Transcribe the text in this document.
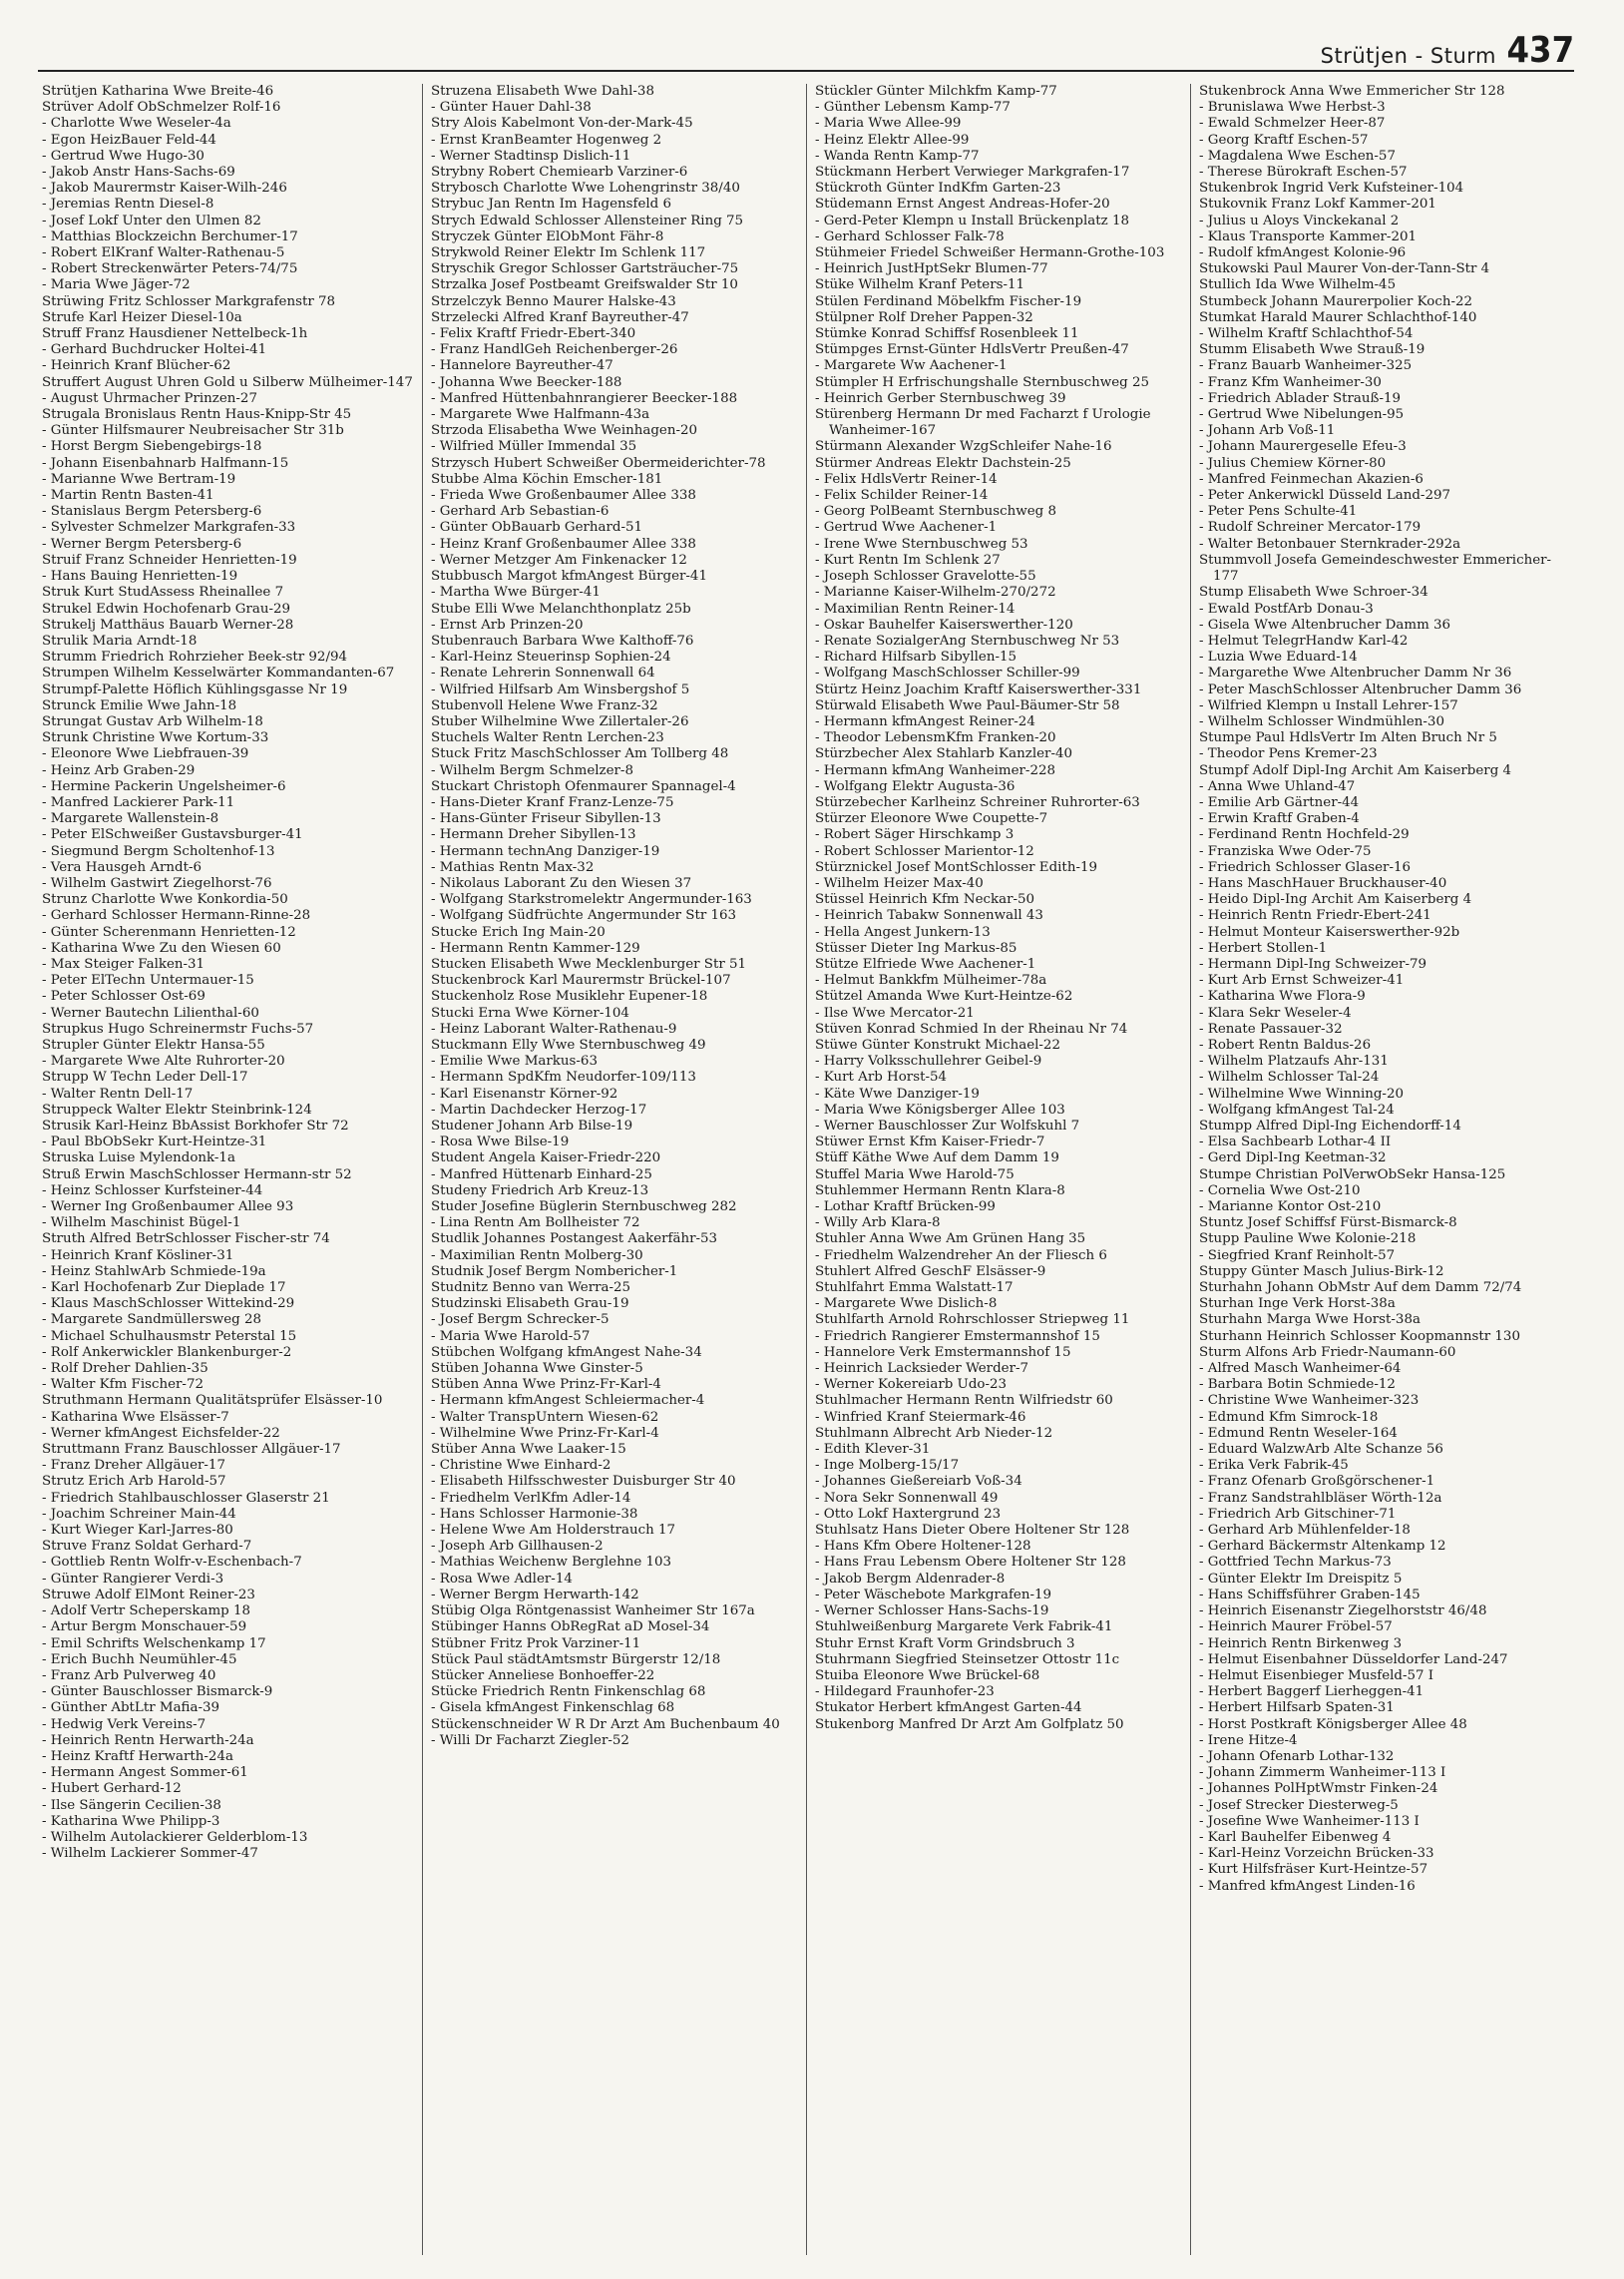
Strütjen - Sturm 437

Strütjen Katharina Wwe Breite-46

Strüver Adolf ObSchmelzer Rolf-16

- Charlotte Wwe Weseler-4a

- Egon HeizBauer Feld-44

- Gertrud Wwe Hugo-30

- Jakob Anstr Hans-Sachs-69

- Jakob Maurermstr Kaiser-Wilh-246

- Jeremias Rentn Diesel-8

- Josef Lokf Unter den Ulmen 82

- Matthias Blockzeichn Berchumer-17

- Robert ElKranf Walter-Rathenau-5

- Robert Streckenwärter Peters-74/75

- Maria Wwe Jäger-72

Strüwing Fritz Schlosser Markgrafenstr 78

Strufe Karl Heizer Diesel-10a

Struff Franz Hausdiener Nettelbeck-1h

- Gerhard Buchdrucker Holtei-41

- Heinrich Kranf Blücher-62

Struffert August Uhren Gold u Silberw Mülheimer-147

- August Uhrmacher Prinzen-27

Strugala Bronislaus Rentn Haus-Knipp-Str 45

- Günter Hilfsmaurer Neubreisacher Str 31b

- Horst Bergm Siebengebirgs-18

- Johann Eisenbahnarb Halfmann-15

- Marianne Wwe Bertram-19

- Martin Rentn Basten-41

- Stanislaus Bergm Petersberg-6

- Sylvester Schmelzer Markgrafen-33

- Werner Bergm Petersberg-6

Struif Franz Schneider Henrietten-19

- Hans Bauing Henrietten-19

Struk Kurt StudAssess Rheinallee 7

Strukel Edwin Hochofenarb Grau-29

Strukelj Matthäus Bauarb Werner-28

Strulik Maria Arndt-18

Strumm Friedrich Rohrzieher Beek-str 92/94

Strumpen Wilhelm Kesselwärter Kommandanten-67

Strumpf-Palette Höflich Kühlingsgasse Nr 19

Strunck Emilie Wwe Jahn-18

Strungat Gustav Arb Wilhelm-18

Strunk Christine Wwe Kortum-33

- Eleonore Wwe Liebfrauen-39

- Heinz Arb Graben-29

- Hermine Packerin Ungelsheimer-6

- Manfred Lackierer Park-11

- Margarete Wallenstein-8

- Peter ElSchweißer Gustavsburger-41

- Siegmund Bergm Scholtenhof-13

- Vera Hausgeh Arndt-6

- Wilhelm Gastwirt Ziegelhorst-76

Strunz Charlotte Wwe Konkordia-50

- Gerhard Schlosser Hermann-Rinne-28

- Günter Scherenmann Henrietten-12

- Katharina Wwe Zu den Wiesen 60

- Max Steiger Falken-31

- Peter ElTechn Untermauer-15

- Peter Schlosser Ost-69

- Werner Bautechn Lilienthal-60

Strupkus Hugo Schreinermstr Fuchs-57

Strupler Günter Elektr Hansa-55

- Margarete Wwe Alte Ruhrorter-20

Strupp W Techn Leder Dell-17

- Walter Rentn Dell-17

Struppeck Walter Elektr Steinbrink-124

Strusik Karl-Heinz BbAssist Borkhofer Str 72

- Paul BbObSekr Kurt-Heintze-31

Struska Luise Mylendonk-1a

Struß Erwin MaschSchlosser Hermann-str 52

- Heinz Schlosser Kurfsteiner-44

- Werner Ing Großenbaumer Allee 93

- Wilhelm Maschinist Bügel-1

Struth Alfred BetrSchlosser Fischer-str 74

- Heinrich Kranf Kösliner-31

- Heinz StahlwArb Schmiede-19a

- Karl Hochofenarb Zur Dieplade 17

- Klaus MaschSchlosser Wittekind-29

- Margarete Sandmüllersweg 28

- Michael Schulhausmstr Peterstal 15

- Rolf Ankerwickler Blankenburger-2

- Rolf Dreher Dahlien-35

- Walter Kfm Fischer-72

Struthmann Hermann Qualitätsprüfer Elsässer-10

- Katharina Wwe Elsässer-7

- Werner kfmAngest Eichsfelder-22

Struttmann Franz Bauschlosser Allgäuer-17

- Franz Dreher Allgäuer-17

Strutz Erich Arb Harold-57

- Friedrich Stahlbauschlosser Glaserstr 21

- Joachim Schreiner Main-44

- Kurt Wieger Karl-Jarres-80

Struve Franz Soldat Gerhard-7

- Gottlieb Rentn Wolfr-v-Eschenbach-7

- Günter Rangierer Verdi-3

Struwe Adolf ElMont Reiner-23

- Adolf Vertr Scheperskamp 18

- Artur Bergm Monschauer-59

- Emil Schrifts Welschenkamp 17

- Erich Buchh Neumühler-45

- Franz Arb Pulverweg 40

- Günter Bauschlosser Bismarck-9

- Günther AbtLtr Mafia-39

- Hedwig Verk Vereins-7

- Heinrich Rentn Herwarth-24a

- Heinz Kraftf Herwarth-24a

- Hermann Angest Sommer-61

- Hubert Gerhard-12

- Ilse Sängerin Cecilien-38

- Katharina Wwe Philipp-3

- Wilhelm Autolackierer Gelderblom-13

- Wilhelm Lackierer Sommer-47

Struzena Elisabeth Wwe Dahl-38

- Günter Hauer Dahl-38

Stry Alois Kabelmont Von-der-Mark-45

- Ernst KranBeamter Hogenweg 2

- Werner Stadtinsp Dislich-11

Strybny Robert Chemiearb Varziner-6

Strybosch Charlotte Wwe Lohengrinstr 38/40

Strybuc Jan Rentn Im Hagensfeld 6

Strych Edwald Schlosser Allensteiner Ring 75

Stryczek Günter ElObMont Fähr-8

Strykwold Reiner Elektr Im Schlenk 117

Stryschik Gregor Schlosser Gartsträucher-75

Strzalka Josef Postbeamt Greifswalder Str 10

Strzelczyk Benno Maurer Halske-43

Strzelecki Alfred Kranf Bayreuther-47

- Felix Kraftf Friedr-Ebert-340

- Franz HandlGeh Reichenberger-26

- Hannelore Bayreuther-47

- Johanna Wwe Beecker-188

- Manfred Hüttenbahnrangierer Beecker-188

- Margarete Wwe Halfmann-43a

Strzoda Elisabetha Wwe Weinhagen-20

- Wilfried Müller Immendal 35

Strzysch Hubert Schweißer Obermeiderichter-78

Stubbe Alma Köchin Emscher-181

- Frieda Wwe Großenbaumer Allee 338

- Gerhard Arb Sebastian-6

- Günter ObBauarb Gerhard-51

- Heinz Kranf Großenbaumer Allee 338

- Werner Metzger Am Finkenacker 12

Stubbusch Margot kfmAngest Bürger-41

- Martha Wwe Bürger-41

Stube Elli Wwe Melanchthonplatz 25b

- Ernst Arb Prinzen-20

Stubenrauch Barbara Wwe Kalthoff-76

- Karl-Heinz Steuerinsp Sophien-24

- Renate Lehrerin Sonnenwall 64

- Wilfried Hilfsarb Am Winsbergshof 5

Stubenvoll Helene Wwe Franz-32

Stuber Wilhelmine Wwe Zillertaler-26

Stuchels Walter Rentn Lerchen-23

Stuck Fritz MaschSchlosser Am Tollberg 48

- Wilhelm Bergm Schmelzer-8

Stuckart Christoph Ofenmaurer Spannagel-4

- Hans-Dieter Kranf Franz-Lenze-75

- Hans-Günter Friseur Sibyllen-13

- Hermann Dreher Sibyllen-13

- Hermann technAng Danziger-19

- Mathias Rentn Max-32

- Nikolaus Laborant Zu den Wiesen 37

- Wolfgang Starkstromelektr Angermunder-163

- Wolfgang Südfrüchte Angermunder Str 163

Stucke Erich Ing Main-20

- Hermann Rentn Kammer-129

Stucken Elisabeth Wwe Mecklenburger Str 51

Stuckenbrock Karl Maurermstr Brückel-107

Stuckenholz Rose Musiklehr Eupener-18

Stucki Erna Wwe Körner-104

- Heinz Laborant Walter-Rathenau-9

Stuckmann Elly Wwe Sternbuschweg 49

- Emilie Wwe Markus-63

- Hermann SpdKfm Neudorfer-109/113

- Karl Eisenanstr Körner-92

- Martin Dachdecker Herzog-17

Studener Johann Arb Bilse-19

- Rosa Wwe Bilse-19

Student Angela Kaiser-Friedr-220

- Manfred Hüttenarb Einhard-25

Studeny Friedrich Arb Kreuz-13

Studer Josefine Büglerin Sternbuschweg 282

- Lina Rentn Am Bollheister 72

Studlik Johannes Postangest Aakerfähr-53

- Maximilian Rentn Molberg-30

Studnik Josef Bergm Nombericher-1

Studnitz Benno van Werra-25

Studzinski Elisabeth Grau-19

- Josef Bergm Schrecker-5

- Maria Wwe Harold-57

Stübchen Wolfgang kfmAngest Nahe-34

Stüben Johanna Wwe Ginster-5

Stüben Anna Wwe Prinz-Fr-Karl-4

- Hermann kfmAngest Schleiermacher-4

- Walter TranspUntern Wiesen-62

- Wilhelmine Wwe Prinz-Fr-Karl-4

Stüber Anna Wwe Laaker-15

- Christine Wwe Einhard-2

- Elisabeth Hilfsschwester Duisburger Str 40

- Friedhelm VerlKfm Adler-14

- Hans Schlosser Harmonie-38

- Helene Wwe Am Holderstrauch 17

- Joseph Arb Gillhausen-2

- Mathias Weichenw Berglehne 103

- Rosa Wwe Adler-14

- Werner Bergm Herwarth-142

Stübig Olga Röntgenassist Wanheimer Str 167a

Stübinger Hanns ObRegRat aD Mosel-34

Stübner Fritz Prok Varziner-11

Stück Paul städtAmtsmstr Bürgerstr 12/18

Stücker Anneliese Bonhoeffer-22

Stücke Friedrich Rentn Finkenschlag 68

- Gisela kfmAngest Finkenschlag 68

Stückenschneider W R Dr Arzt Am Buchenbaum 40

- Willi Dr Facharzt Ziegler-52

Stückler Günter Milchkfm Kamp-77

- Günther Lebensm Kamp-77

- Maria Wwe Allee-99

- Heinz Elektr Allee-99

- Wanda Rentn Kamp-77

Stückmann Herbert Verwieger Markgrafen-17

Stückroth Günter IndKfm Garten-23

Stüdemann Ernst Angest Andreas-Hofer-20

- Gerd-Peter Klempn u Install Brückenplatz 18

- Gerhard Schlosser Falk-78

Stühmeier Friedel Schweißer Hermann-Grothe-103

- Heinrich JustHptSekr Blumen-77

Stüke Wilhelm Kranf Peters-11

Stülen Ferdinand Möbelkfm Fischer-19

Stülpner Rolf Dreher Pappen-32

Stümke Konrad Schiffsf Rosenbleek 11

Stümpges Ernst-Günter HdlsVertr Preußen-47

- Margarete Ww Aachener-1

Stümpler H Erfrischungshalle Sternbuschweg 25

- Heinrich Gerber Sternbuschweg 39

Stürenberg Hermann Dr med Facharzt f Urologie Wanheimer-167

Stürmann Alexander WzgSchleifer Nahe-16

Stürmer Andreas Elektr Dachstein-25

- Felix HdlsVertr Reiner-14

- Felix Schilder Reiner-14

- Georg PolBeamt Sternbuschweg 8

- Gertrud Wwe Aachener-1

- Irene Wwe Sternbuschweg 53

- Kurt Rentn Im Schlenk 27

- Joseph Schlosser Gravelotte-55

- Marianne Kaiser-Wilhelm-270/272

- Maximilian Rentn Reiner-14

- Oskar Bauhelfer Kaiserswerther-120

- Renate SozialgerAng Sternbuschweg Nr 53

- Richard Hilfsarb Sibyllen-15

- Wolfgang MaschSchlosser Schiller-99

Stürtz Heinz Joachim Kraftf Kaiserswerther-331

Stürwald Elisabeth Wwe Paul-Bäumer-Str 58

- Hermann kfmAngest Reiner-24

- Theodor LebensmKfm Franken-20

Stürzbecher Alex Stahlarb Kanzler-40

- Hermann kfmAng Wanheimer-228

- Wolfgang Elektr Augusta-36

Stürzebecher Karlheinz Schreiner Ruhrorter-63

Stürzer Eleonore Wwe Coupette-7

- Robert Säger Hirschkamp 3

- Robert Schlosser Marientor-12

Stürznickel Josef MontSchlosser Edith-19

- Wilhelm Heizer Max-40

Stüssel Heinrich Kfm Neckar-50

- Heinrich Tabakw Sonnenwall 43

- Hella Angest Junkern-13

Stüsser Dieter Ing Markus-85

Stütze Elfriede Wwe Aachener-1

- Helmut Bankkfm Mülheimer-78a

Stützel Amanda Wwe Kurt-Heintze-62

- Ilse Wwe Mercator-21

Stüven Konrad Schmied In der Rheinau Nr 74

Stüwe Günter Konstrukt Michael-22

- Harry Volksschullehrer Geibel-9

- Kurt Arb Horst-54

- Käte Wwe Danziger-19

- Maria Wwe Königsberger Allee 103

- Werner Bauschlosser Zur Wolfskuhl 7

Stüwer Ernst Kfm Kaiser-Friedr-7

Stüff Käthe Wwe Auf dem Damm 19

Stuffel Maria Wwe Harold-75

Stuhlemmer Hermann Rentn Klara-8

- Lothar Kraftf Brücken-99

- Willy Arb Klara-8

Stuhler Anna Wwe Am Grünen Hang 35

- Friedhelm Walzendreher An der Fliesch 6

Stuhlert Alfred GeschF Elsässer-9

Stuhlfahrt Emma Walstatt-17

- Margarete Wwe Dislich-8

Stuhlfarth Arnold Rohrschlosser Striepweg 11

- Friedrich Rangierer Emstermannshof 15

- Hannelore Verk Emstermannshof 15

- Heinrich Lacksieder Werder-7

- Werner Kokereiarb Udo-23

Stuhlmacher Hermann Rentn Wilfriedstr 60

- Winfried Kranf Steiermark-46

Stuhlmann Albrecht Arb Nieder-12

- Edith Klever-31

- Inge Molberg-15/17

- Johannes Gießereiarb Voß-34

- Nora Sekr Sonnenwall 49

- Otto Lokf Haxtergrund 23

Stuhlsatz Hans Dieter Obere Holtener Str 128

- Hans Kfm Obere Holtener-128

- Hans Frau Lebensm Obere Holtener Str 128

- Jakob Bergm Aldenrader-8

- Peter Wäschebote Markgrafen-19

- Werner Schlosser Hans-Sachs-19

Stuhlweißenburg Margarete Verk Fabrik-41

Stuhr Ernst Kraft Vorm Grindsbruch 3

Stuhrmann Siegfried Steinsetzer Ottostr 11c

Stuiba Eleonore Wwe Brückel-68

- Hildegard Fraunhofer-23

Stukator Herbert kfmAngest Garten-44

Stukenborg Manfred Dr Arzt Am Golfplatz 50

Stukenbrock Anna Wwe Emmericher Str 128

- Brunislawa Wwe Herbst-3

- Ewald Schmelzer Heer-87

- Georg Kraftf Eschen-57

- Magdalena Wwe Eschen-57

- Therese Bürokraft Eschen-57

Stukenbrok Ingrid Verk Kufsteiner-104

Stukovnik Franz Lokf Kammer-201

- Julius u Aloys Vinckekanal 2

- Klaus Transporte Kammer-201

- Rudolf kfmAngest Kolonie-96

Stukowski Paul Maurer Von-der-Tann-Str 4

Stullich Ida Wwe Wilhelm-45

Stumbeck Johann Maurerpolier Koch-22

Stumkat Harald Maurer Schlachthof-140

- Wilhelm Kraftf Schlachthof-54

Stumm Elisabeth Wwe Strauß-19

- Franz Bauarb Wanheimer-325

- Franz Kfm Wanheimer-30

- Friedrich Ablader Strauß-19

- Gertrud Wwe Nibelungen-95

- Johann Arb Voß-11

- Johann Maurergeselle Efeu-3

- Julius Chemiew Körner-80

- Manfred Feinmechan Akazien-6

- Peter Ankerwickl Düsseld Land-297

- Peter Pens Schulte-41

- Rudolf Schreiner Mercator-179

- Walter Betonbauer Sternkrader-292a

Stummvoll Josefa Gemeindeschwester Emmericher-177

Stump Elisabeth Wwe Schroer-34

- Ewald PostfArb Donau-3

- Gisela Wwe Altenbrucher Damm 36

- Helmut TelegrHandw Karl-42

- Luzia Wwe Eduard-14

- Margarethe Wwe Altenbrucher Damm Nr 36

- Peter MaschSchlosser Altenbrucher Damm 36

- Wilfried Klempn u Install Lehrer-157

- Wilhelm Schlosser Windmühlen-30

Stumpe Paul HdlsVertr Im Alten Bruch Nr 5

- Theodor Pens Kremer-23

Stumpf Adolf Dipl-Ing Archit Am Kaiserberg 4

- Anna Wwe Uhland-47

- Emilie Arb Gärtner-44

- Erwin Kraftf Graben-4

- Ferdinand Rentn Hochfeld-29

- Franziska Wwe Oder-75

- Friedrich Schlosser Glaser-16

- Hans MaschHauer Bruckhauser-40

- Heido Dipl-Ing Archit Am Kaiserberg 4

- Heinrich Rentn Friedr-Ebert-241

- Helmut Monteur Kaiserswerther-92b

- Herbert Stollen-1

- Hermann Dipl-Ing Schweizer-79

- Kurt Arb Ernst Schweizer-41

- Katharina Wwe Flora-9

- Klara Sekr Weseler-4

- Renate Passauer-32

- Robert Rentn Baldus-26

- Wilhelm Platzaufs Ahr-131

- Wilhelm Schlosser Tal-24

- Wilhelmine Wwe Winning-20

- Wolfgang kfmAngest Tal-24

Stumpp Alfred Dipl-Ing Eichendorff-14

- Elsa Sachbearb Lothar-4 II

- Gerd Dipl-Ing Keetman-32

Stumpe Christian PolVerwObSekr Hansa-125

- Cornelia Wwe Ost-210

- Marianne Kontor Ost-210

Stuntz Josef Schiffsf Fürst-Bismarck-8

Stupp Pauline Wwe Kolonie-218

- Siegfried Kranf Reinholt-57

Stuppy Günter Masch Julius-Birk-12

Sturhahn Johann ObMstr Auf dem Damm 72/74

Sturhan Inge Verk Horst-38a

Sturhahn Marga Wwe Horst-38a

Sturhann Heinrich Schlosser Koopmannstr 130

Sturm Alfons Arb Friedr-Naumann-60

- Alfred Masch Wanheimer-64

- Barbara Botin Schmiede-12

- Christine Wwe Wanheimer-323

- Edmund Kfm Simrock-18

- Edmund Rentn Weseler-164

- Eduard WalzwArb Alte Schanze 56

- Erika Verk Fabrik-45

- Franz Ofenarb Großgörschener-1

- Franz Sandstrahlbläser Wörth-12a

- Friedrich Arb Gitschiner-71

- Gerhard Arb Mühlenfelder-18

- Gerhard Bäckermstr Altenkamp 12

- Gottfried Techn Markus-73

- Günter Elektr Im Dreispitz 5

- Hans Schiffsführer Graben-145

- Heinrich Eisenanstr Ziegelhorststr 46/48

- Heinrich Maurer Fröbel-57

- Heinrich Rentn Birkenweg 3

- Helmut Eisenbahner Düsseldorfer Land-247

- Helmut Eisenbieger Musfeld-57 I

- Herbert Baggerf Lierheggen-41

- Herbert Hilfsarb Spaten-31

- Horst Postkraft Königsberger Allee 48

- Irene Hitze-4

- Johann Ofenarb Lothar-132

- Johann Zimmerm Wanheimer-113 I

- Johannes PolHptWmstr Finken-24

- Josef Strecker Diesterweg-5

- Josefine Wwe Wanheimer-113 I

- Karl Bauhelfer Eibenweg 4

- Karl-Heinz Vorzeichn Brücken-33

- Kurt Hilfsfräser Kurt-Heintze-57

- Manfred kfmAngest Linden-16
